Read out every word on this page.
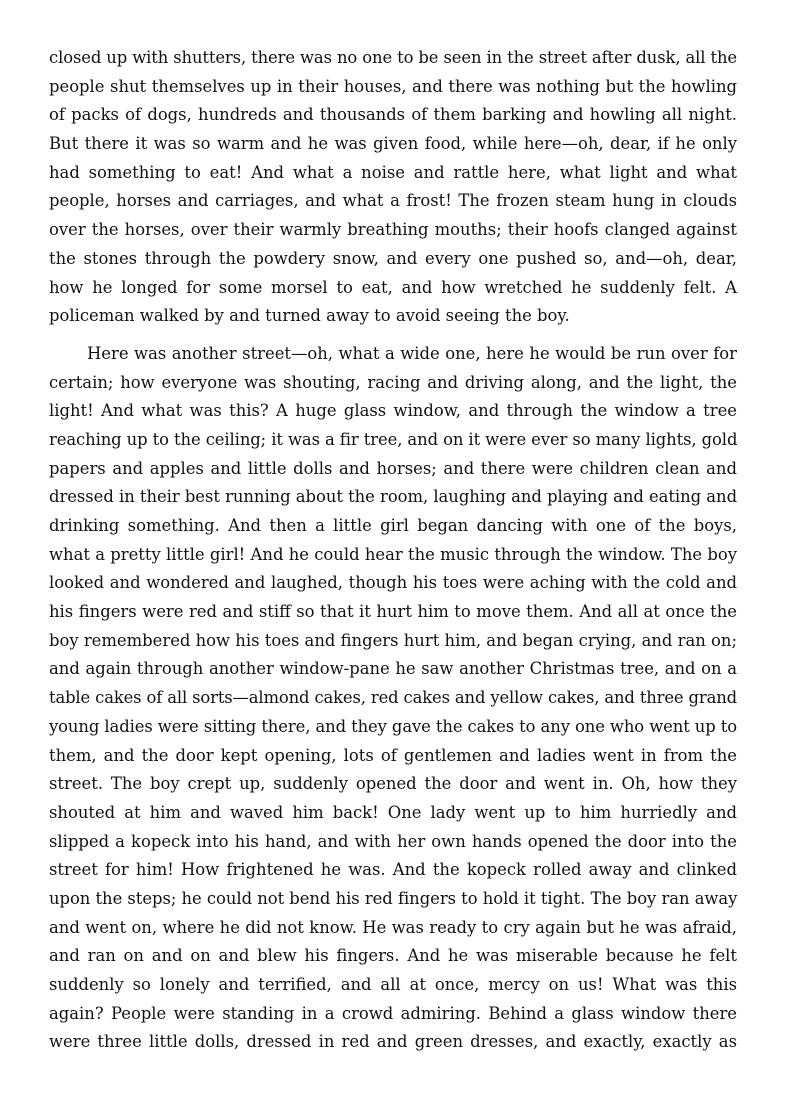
closed up with shutters, there was no one to be seen in the street after dusk, all the
people shut themselves up in their houses, and there was nothing but the howling
of packs of dogs, hundreds and thousands of them barking and howling all night.
But there it was so warm and he was given food, while here—oh, dear, if he only
had something to eat! And what a noise and rattle here, what light and what
people, horses and carriages, and what a frost! The frozen steam hung in clouds
over the horses, over their warmly breathing mouths; their hoofs clanged against
the stones through the powdery snow, and every one pushed so, and—oh, dear,
how he longed for some morsel to eat, and how wretched he suddenly felt. A
policeman walked by and turned away to avoid seeing the boy.
Here was another street—oh, what a wide one, here he would be run over for
certain; how everyone was shouting, racing and driving along, and the light, the
light! And what was this? A huge glass window, and through the window a tree
reaching up to the ceiling; it was a fir tree, and on it were ever so many lights, gold
papers and apples and little dolls and horses; and there were children clean and
dressed in their best running about the room, laughing and playing and eating and
drinking something. And then a little girl began dancing with one of the boys,
what a pretty little girl! And he could hear the music through the window. The boy
looked and wondered and laughed, though his toes were aching with the cold and
his fingers were red and stiff so that it hurt him to move them. And all at once the
boy remembered how his toes and fingers hurt him, and began crying, and ran on;
and again through another window-pane he saw another Christmas tree, and on a
table cakes of all sorts—almond cakes, red cakes and yellow cakes, and three grand
young ladies were sitting there, and they gave the cakes to any one who went up to
them, and the door kept opening, lots of gentlemen and ladies went in from the
street. The boy crept up, suddenly opened the door and went in. Oh, how they
shouted at him and waved him back! One lady went up to him hurriedly and
slipped a kopeck into his hand, and with her own hands opened the door into the
street for him! How frightened he was. And the kopeck rolled away and clinked
upon the steps; he could not bend his red fingers to hold it tight. The boy ran away
and went on, where he did not know. He was ready to cry again but he was afraid,
and ran on and on and blew his fingers. And he was miserable because he felt
suddenly so lonely and terrified, and all at once, mercy on us! What was this
again? People were standing in a crowd admiring. Behind a glass window there
were three little dolls, dressed in red and green dresses, and exactly, exactly as
